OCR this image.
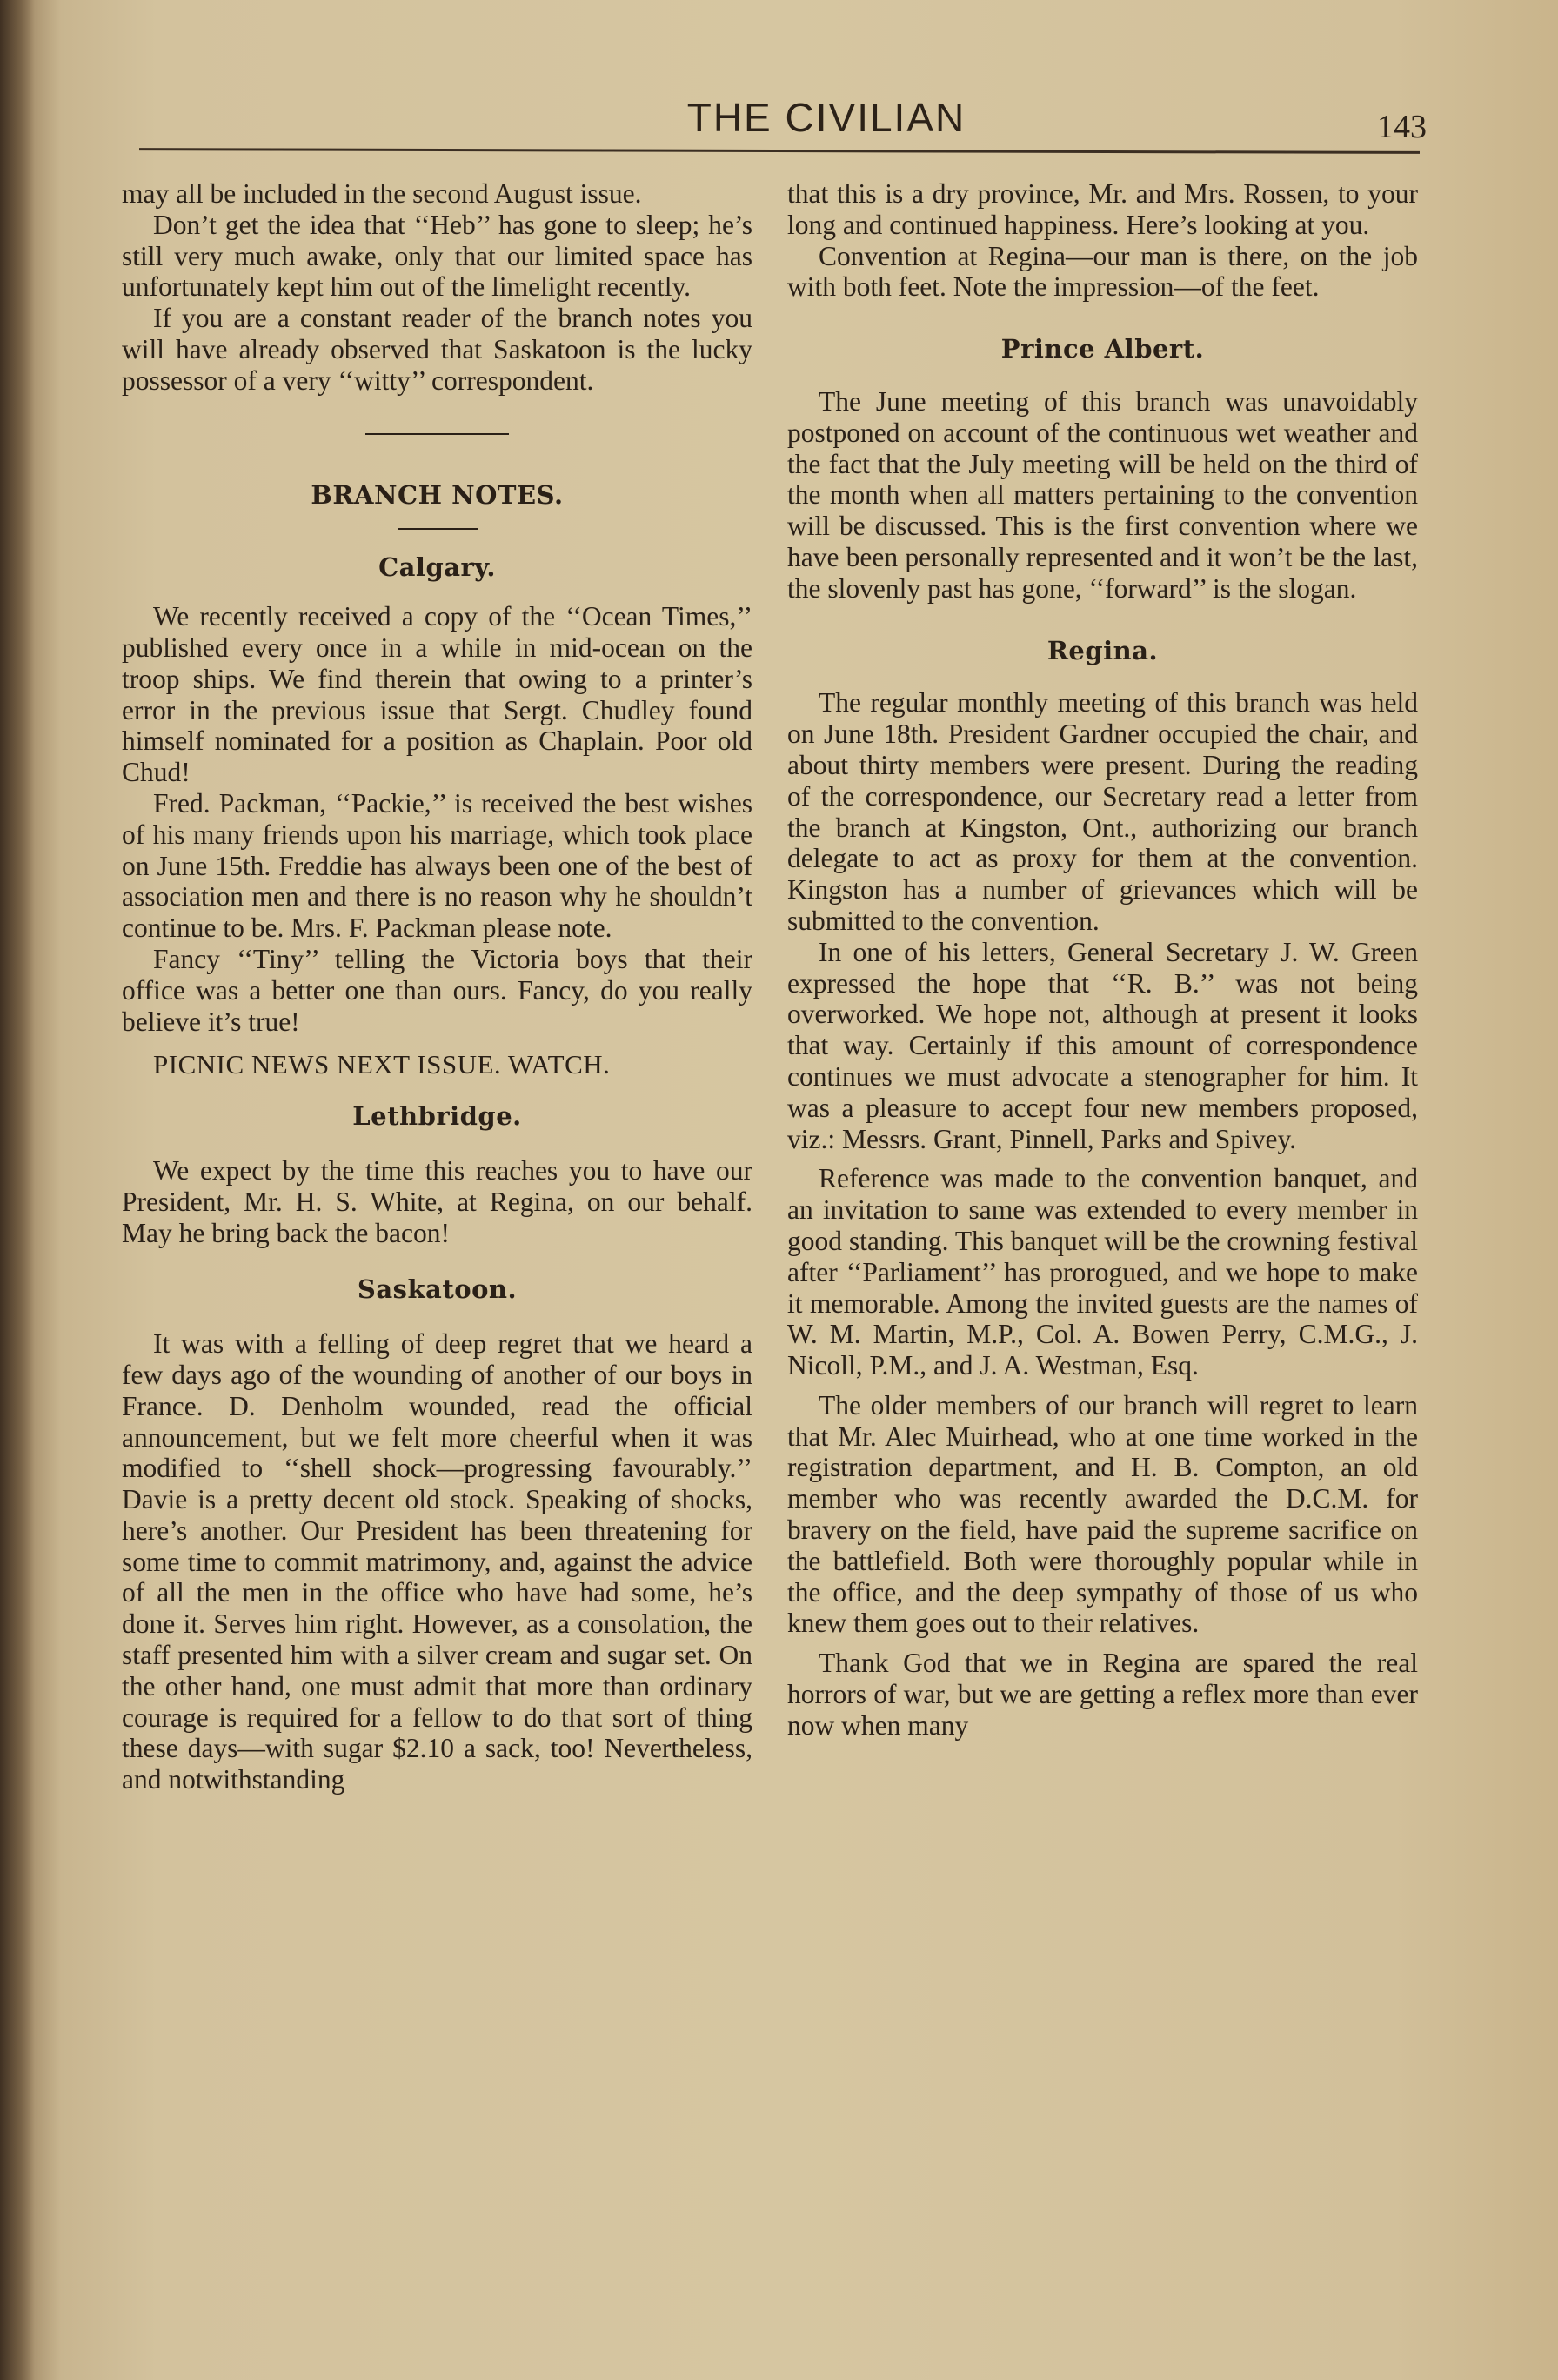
THE CIVILIAN	143

may all be included in the second August issue.

Don’t get the idea that ‘‘Heb’’ has gone to sleep; he’s still very much awake, only that our limited space has unfortunately kept him out of the limelight recently.

If you are a constant reader of the branch notes you will have already observed that Saskatoon is the lucky possessor of a very ‘‘witty’’ correspondent.

BRANCH NOTES.
Calgary.

We recently received a copy of the ‘‘Ocean Times,’’ published every once in a while in mid-ocean on the troop ships. We find therein that owing to a printer’s error in the previous issue that Sergt. Chudley found himself nominated for a position as Chaplain. Poor old Chud!

Fred. Packman, ‘‘Packie,’’ is received the best wishes of his many friends upon his marriage, which took place on June 15th. Freddie has always been one of the best of association men and there is no reason why he shouldn’t continue to be. Mrs. F. Packman please note.

Fancy ‘‘Tiny’’ telling the Victoria boys that their office was a better one than ours. Fancy, do you really believe it’s true!

PICNIC NEWS NEXT ISSUE. WATCH.

Lethbridge.

We expect by the time this reaches you to have our President, Mr. H. S. White, at Regina, on our behalf. May he bring back the bacon!

Saskatoon.

It was with a felling of deep regret that we heard a few days ago of the wounding of another of our boys in France. D. Denholm wounded, read the official announcement, but we felt more cheerful when it was modified to ‘‘shell shock—progressing favourably.’’ Davie is a pretty decent old stock. Speaking of shocks, here’s another. Our President has been threatening for some time to commit matrimony, and, against the advice of all the men in the office who have had some, he’s done it. Serves him right. However, as a consolation, the staff presented him with a silver cream and sugar set. On the other hand, one must admit that more than ordinary courage is required for a fellow to do that sort of thing these days—with sugar $2.10 a sack, too! Nevertheless, and notwithstanding

that this is a dry province, Mr. and Mrs. Rossen, to your long and continued happiness. Here’s looking at you.

Convention at Regina—our man is there, on the job with both feet. Note the impression—of the feet.

Prince Albert.

The June meeting of this branch was unavoidably postponed on account of the continuous wet weather and the fact that the July meeting will be held on the third of the month when all matters pertaining to the convention will be discussed. This is the first convention where we have been personally represented and it won’t be the last, the slovenly past has gone, ‘‘forward’’ is the slogan.

Regina.

The regular monthly meeting of this branch was held on June 18th. President Gardner occupied the chair, and about thirty members were present. During the reading of the correspondence, our Secretary read a letter from the branch at Kingston, Ont., authorizing our branch delegate to act as proxy for them at the convention. Kingston has a number of grievances which will be submitted to the convention.

In one of his letters, General Secretary J. W. Green expressed the hope that ‘‘R. B.’’ was not being overworked. We hope not, although at present it looks that way. Certainly if this amount of correspondence continues we must advocate a stenographer for him. It was a pleasure to accept four new members proposed, viz.: Messrs. Grant, Pinnell, Parks and Spivey.

Reference was made to the convention banquet, and an invitation to same was extended to every member in good standing. This banquet will be the crowning festival after ‘‘Parliament’’ has prorogued, and we hope to make it memorable. Among the invited guests are the names of W. M. Martin, M.P., Col. A. Bowen Perry, C.M.G., J. Nicoll, P.M., and J. A. Westman, Esq.

The older members of our branch will regret to learn that Mr. Alec Muirhead, who at one time worked in the registration department, and H. B. Compton, an old member who was recently awarded the D.C.M. for bravery on the field, have paid the supreme sacrifice on the battlefield. Both were thoroughly popular while in the office, and the deep sympathy of those of us who knew them goes out to their relatives.

Thank God that we in Regina are spared the real horrors of war, but we are getting a reflex more than ever now when many
